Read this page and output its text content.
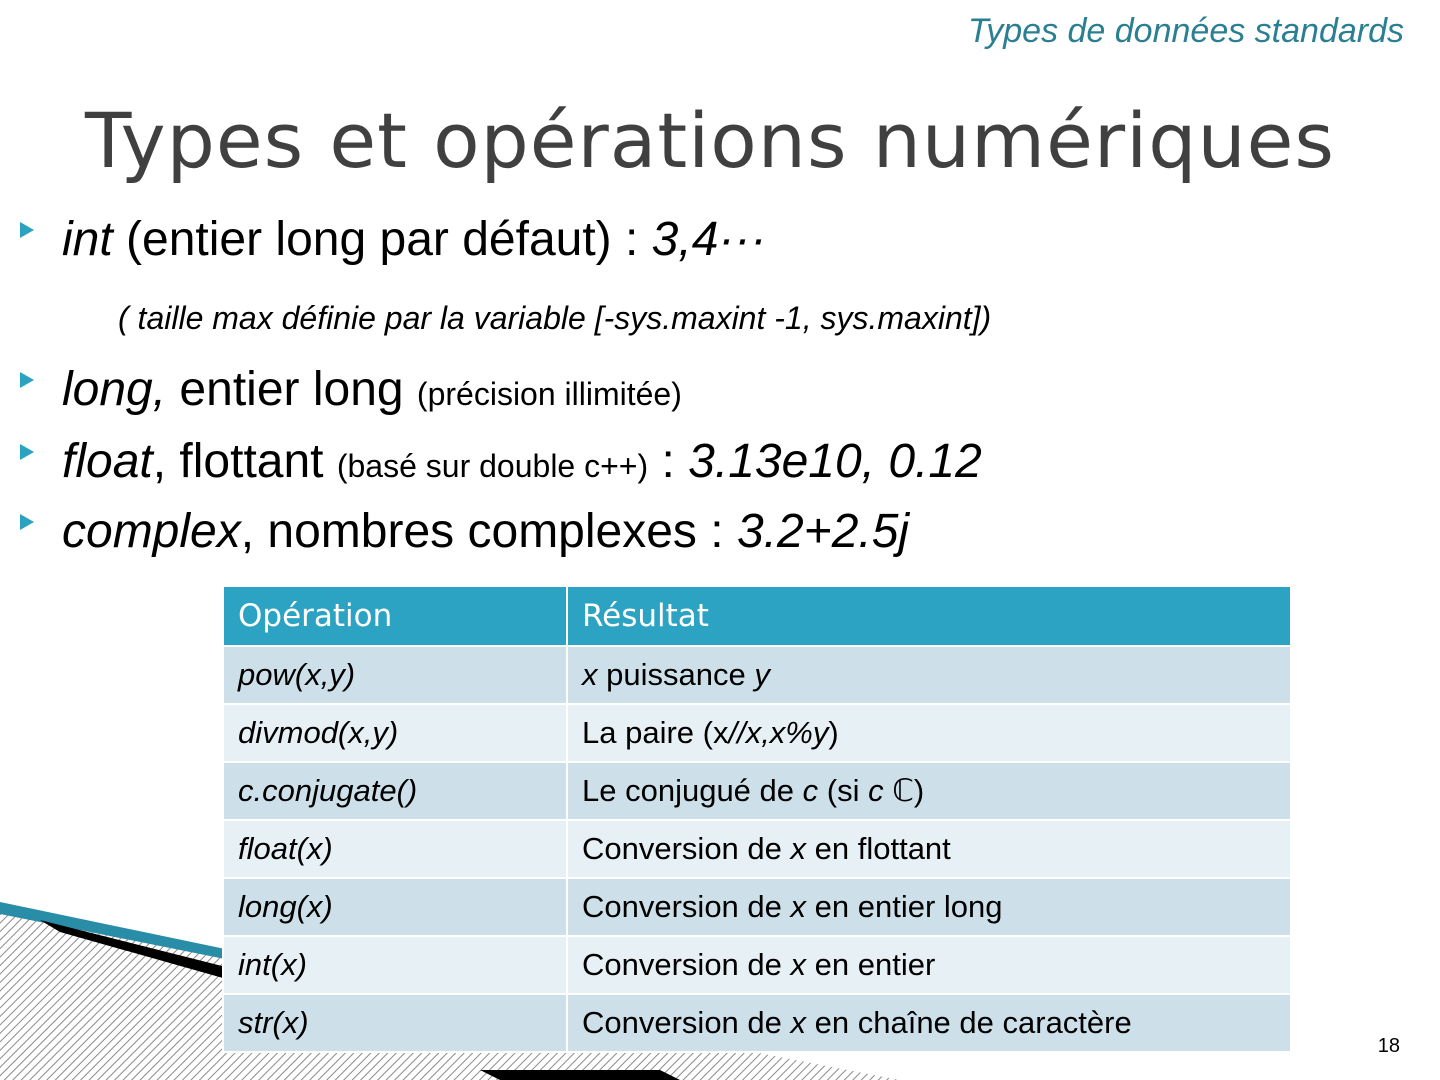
Types de données standards
Types et opérations numériques
int (entier long par défaut) : 3,4···
long, entier long (précision illimitée)
float, flottant (basé sur double c++) : 3.13e10, 0.12
complex, nombres complexes : 3.2+2.5j
( taille max définie par la variable [-sys.maxint -1, sys.maxint])
Opération	Résultat
pow(x,y)	x puissance y
divmod(x,y)	La paire (x//x,x%y)
c.conjugate()	Le conjugué de c (si c ℂ)
float(x)	Conversion de x en flottant
long(x)	Conversion de x en entier long
int(x)	Conversion de x en entier
str(x)	Conversion de x en chaîne de caractère
18
